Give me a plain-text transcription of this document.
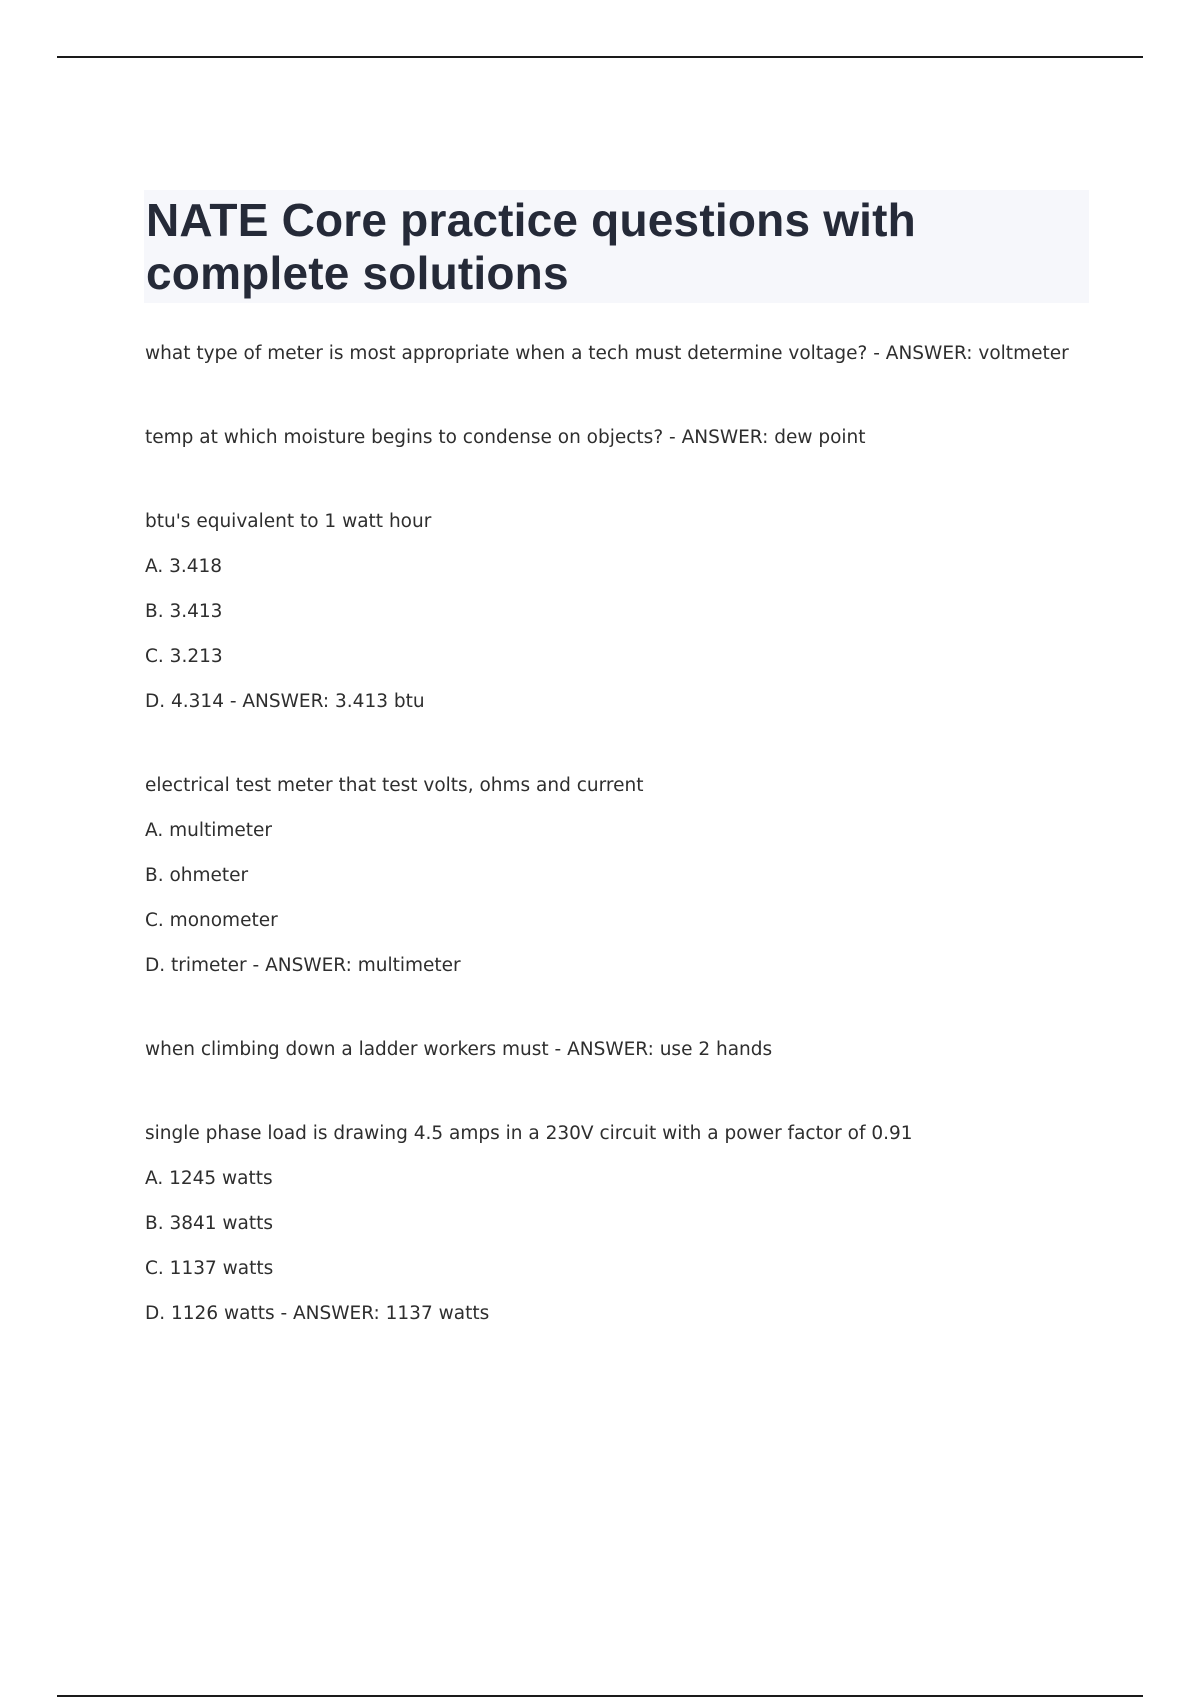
NATE Core practice questions with
complete solutions
what type of meter is most appropriate when a tech must determine voltage? - ANSWER: voltmeter
temp at which moisture begins to condense on objects? - ANSWER: dew point
btu's equivalent to 1 watt hour
A. 3.418
B. 3.413
C. 3.213
D. 4.314 - ANSWER: 3.413 btu
electrical test meter that test volts, ohms and current
A. multimeter
B. ohmeter
C. monometer
D. trimeter - ANSWER: multimeter
when climbing down a ladder workers must - ANSWER: use 2 hands
single phase load is drawing 4.5 amps in a 230V circuit with a power factor of 0.91
A. 1245 watts
B. 3841 watts
C. 1137 watts
D. 1126 watts - ANSWER: 1137 watts
